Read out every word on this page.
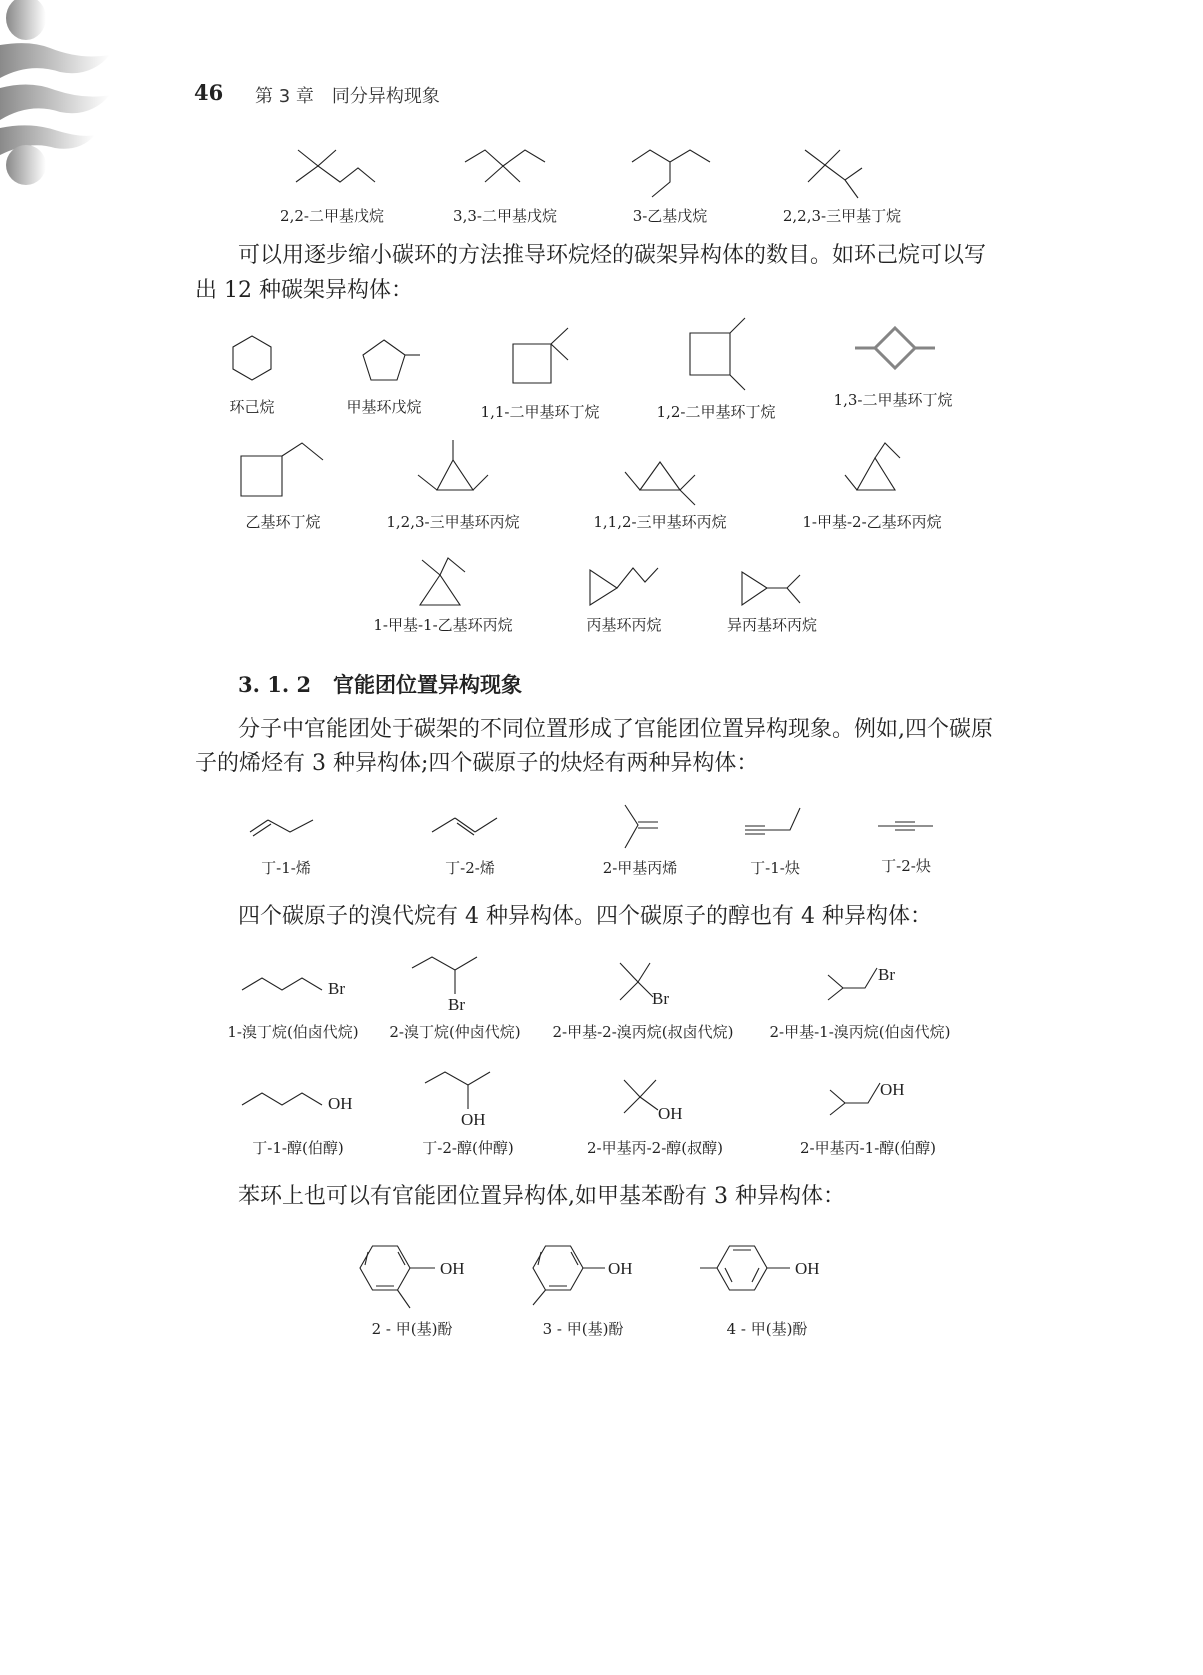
46 第 3 章　同分异构现象
Br
Br	Br
Br
OH
OH	OH
OH
OH	OH	OH
2,2-二甲基戊烷	3,3-二甲基戊烷	3-乙基戊烷	2,2,3-三甲基丁烷
可以用逐步缩小碳环的方法推导环烷烃的碳架异构体的数目。如环己烷可以写
出 12 种碳架异构体：
环己烷	甲基环戊烷	1,1-二甲基环丁烷	1,2-二甲基环丁烷
1,3-二甲基环丁烷
乙基环丁烷	1,2,3-三甲基环丙烷	1,1,2-三甲基环丙烷	1-甲基-2-乙基环丙烷
1-甲基-1-乙基环丙烷	丙基环丙烷	异丙基环丙烷
3. 1. 2 官能团位置异构现象
分子中官能团处于碳架的不同位置形成了官能团位置异构现象。例如,四个碳原
子的烯烃有 3 种异构体;四个碳原子的炔烃有两种异构体：
丁-1-烯	丁-2-烯	2-甲基丙烯	丁-1-炔	丁-2-炔
四个碳原子的溴代烷有 4 种异构体。四个碳原子的醇也有 4 种异构体：
1-溴丁烷(伯卤代烷) 2-溴丁烷(仲卤代烷) 2-甲基-2-溴丙烷(叔卤代烷) 2-甲基-1-溴丙烷(伯卤代烷)
丁-1-醇(伯醇)	丁-2-醇(仲醇)	2-甲基丙-2-醇(叔醇)	2-甲基丙-1-醇(伯醇)
苯环上也可以有官能团位置异构体,如甲基苯酚有 3 种异构体：
2 - 甲(基)酚	3 - 甲(基)酚	4 - 甲(基)酚
